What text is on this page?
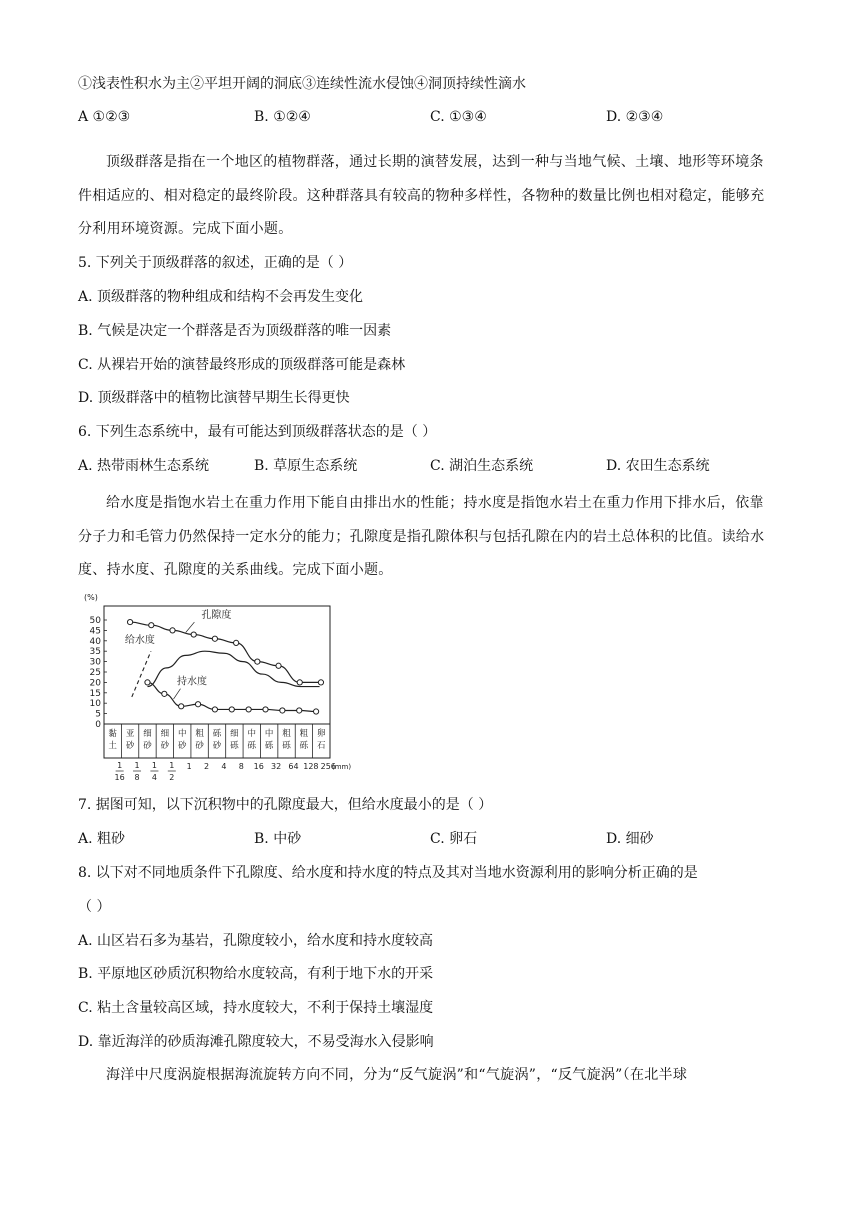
①浅表性积水为主②平坦开阔的洞底③连续性流水侵蚀④洞顶持续性滴水
A ①②③	B. ①②④	C. ①③④	D. ②③④
顶级群落是指在一个地区的植物群落，通过长期的演替发展，达到一种与当地气候、土壤、地形等环境条件相适应的、相对稳定的最终阶段。这种群落具有较高的物种多样性，各物种的数量比例也相对稳定，能够充分利用环境资源。完成下面小题。
5. 下列关于顶级群落的叙述，正确的是（ ）
A. 顶级群落的物种组成和结构不会再发生变化
B. 气候是决定一个群落是否为顶级群落的唯一因素
C. 从裸岩开始的演替最终形成的顶级群落可能是森林
D. 顶级群落中的植物比演替早期生长得更快
6. 下列生态系统中，最有可能达到顶级群落状态的是（ ）
A. 热带雨林生态系统	B. 草原生态系统	C. 湖泊生态系统	D. 农田生态系统
给水度是指饱水岩土在重力作用下能自由排出水的性能；持水度是指饱水岩土在重力作用下排水后，依靠分子力和毛管力仍然保持一定水分的能力；孔隙度是指孔隙体积与包括孔隙在内的岩土总体积的比值。读给水度、持水度、孔隙度的关系曲线。完成下面小题。
(%)
50
45
40
35
30
25
20
15
10
5
0
黏
土
亚
砂
细
砂
细
砂
中
砂
粗
砂
砾
砂
细
砾
中
砾
中
砾
粗
砾
粗
砾
卵
石
1
16
1
8
1
4
1
2
1 2 4 8 16 32 64 128 256
(mm)
孔隙度
给水度
持水度
7. 据图可知，以下沉积物中的孔隙度最大，但给水度最小的是（ ）
A. 粗砂	B. 中砂	C. 卵石	D. 细砂
8. 以下对不同地质条件下孔隙度、给水度和持水度的特点及其对当地水资源利用的影响分析正确的是
（ ）
A. 山区岩石多为基岩，孔隙度较小，给水度和持水度较高
B. 平原地区砂质沉积物给水度较高，有利于地下水的开采
C. 粘土含量较高区域，持水度较大，不利于保持土壤湿度
D. 靠近海洋的砂质海滩孔隙度较大，不易受海水入侵影响
海洋中尺度涡旋根据海流旋转方向不同，分为“反气旋涡”和“气旋涡”，“反气旋涡”（在北半球
